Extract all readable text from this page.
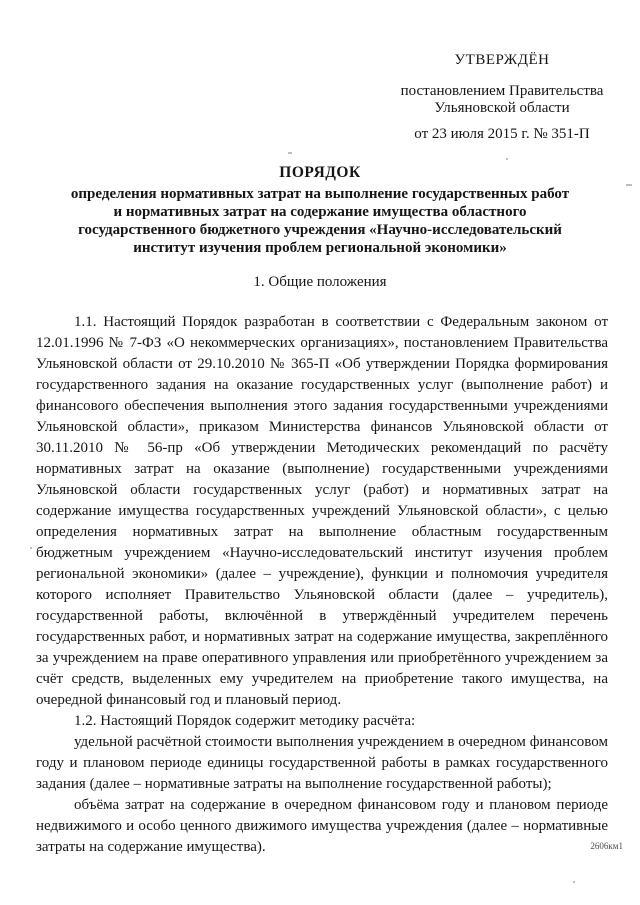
УТВЕРЖДЁН
постановлением Правительства
Ульяновской области
от 23 июля 2015 г. № 351-П
ПОРЯДОК
определения нормативных затрат на выполнение государственных работ
и нормативных затрат на содержание имущества областного
государственного бюджетного учреждения «Научно-исследовательский
институт изучения проблем региональной экономики»
1. Общие положения

1.1. Настоящий Порядок разработан в соответствии с Федеральным законом от 12.01.1996 № 7-ФЗ «О некоммерческих организациях», постановлением Правительства Ульяновской области от 29.10.2010 № 365-П «Об утверждении Порядка формирования государственного задания на оказание государственных услуг (выполнение работ) и финансового обеспечения выполнения этого задания государственными учреждениями Ульяновской области», приказом Министерства финансов Ульяновской области от 30.11.2010 № 56-пр «Об утверждении Методических рекомендаций по расчёту нормативных затрат на оказание (выполнение) государственными учреждениями Ульяновской области государственных услуг (работ) и нормативных затрат на содержание имущества государственных учреждений Ульяновской области», с целью определения нормативных затрат на выполнение областным государственным бюджетным учреждением «Научно-исследовательский институт изучения проблем региональной экономики» (далее – учреждение), функции и полномочия учредителя которого исполняет Правительство Ульяновской области (далее – учредитель), государственной работы, включённой в утверждённый учредителем перечень государственных работ, и нормативных затрат на содержание имущества, закреплённого за учреждением на праве оперативного управления или приобретённого учреждением за счёт средств, выделенных ему учредителем на приобретение такого имущества, на очередной финансовый год и плановый период.

1.2. Настоящий Порядок содержит методику расчёта:

удельной расчётной стоимости выполнения учреждением в очередном финансовом году и плановом периоде единицы государственной работы в рамках государственного задания (далее – нормативные затраты на выполнение государственной работы);

объёма затрат на содержание в очередном финансовом году и плановом периоде недвижимого и особо ценного движимого имущества учреждения (далее – нормативные затраты на содержание имущества).	2606км1
